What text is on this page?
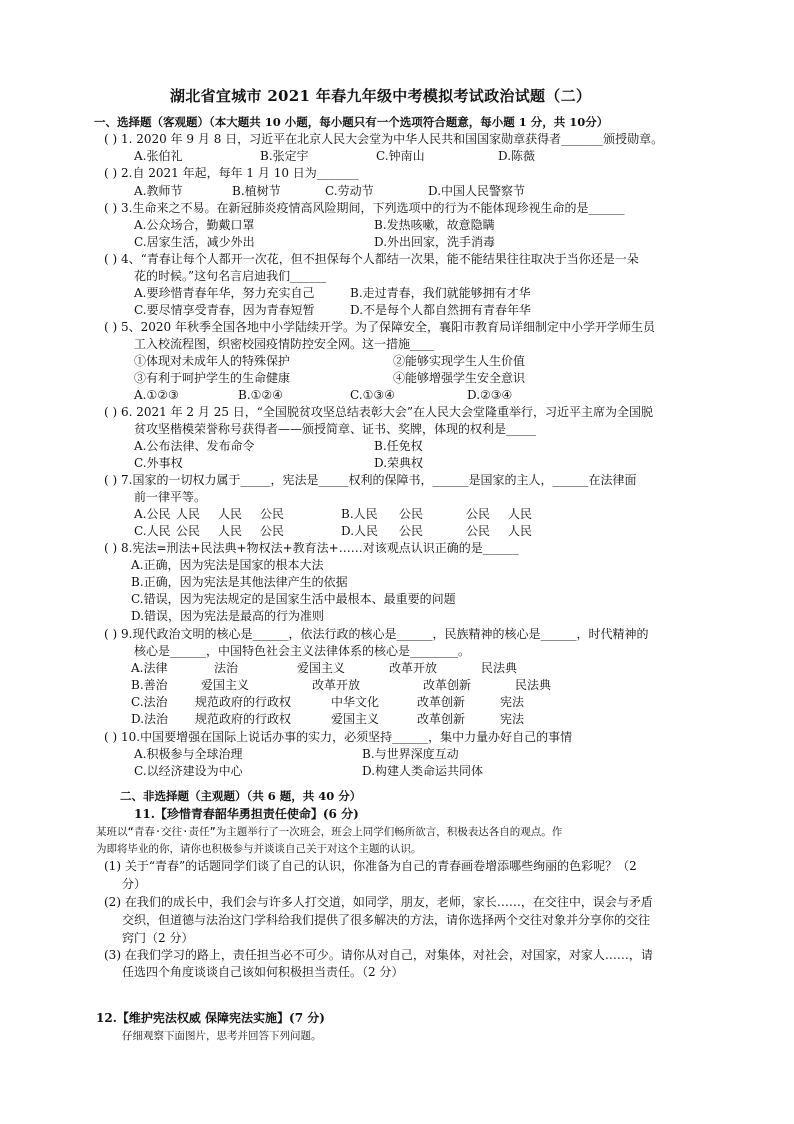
湖北省宜城市 2021 年春九年级中考模拟考试政治试题（二）
一、选择题（客观题）（本大题共 10 小题，每小题只有一个选项符合题意，每小题 1 分，共 10分）
( ) 1. 2020 年 9 月 8 日，习近平在北京人民大会堂为中华人民共和国国家勋章获得者_______颁授勋章。
A.张伯礼	B.张定宇	C.钟南山	D.陈薇
( ) 2.自 2021 年起，每年 1 月 10 日为_______
A.教师节	B.植树节	C.劳动节	D.中国人民警察节
( ) 3.生命来之不易。在新冠肺炎疫情高风险期间，下列选项中的行为不能体现珍视生命的是______
A.公众场合，勤戴口罩	B.发热咳嗽，故意隐瞒
C.居家生活，减少外出	D.外出回家，洗手消毒
( ) 4、“青春让每个人都开一次花，但不担保每个人都结一次果，能不能结果往往取决于当你还是一朵
花的时候。”这句名言启迪我们______
A.要珍惜青春年华，努力充实自己	B.走过青春，我们就能够拥有才华
C.要尽情享受青春，因为青春短暂	D.不是每个人都自然拥有青春年华
( ) 5、2020 年秋季全国各地中小学陆续开学。为了保障安全，襄阳市教育局详细制定中小学开学师生员
工入校流程图，织密校园疫情防控安全网。这一措施____
①体现对未成年人的特殊保护	②能够实现学生人生价值
③有利于呵护学生的生命健康	④能够增强学生安全意识
A.①②③	B.①②④	C.①③④	D.②③④
( ) 6. 2021 年 2 月 25 日，“全国脱贫攻坚总结表彰大会”在人民大会堂隆重举行，习近平主席为全国脱
贫攻坚楷模荣誉称号获得者——颁授简章、证书、奖牌，体现的权利是_____
A.公布法律、发布命令	B.任免权
C.外事权	D.荣典权
( ) 7.国家的一切权力属于_____，宪法是_____权利的保障书，______是国家的主人，______在法律面
前一律平等。
A.公民 人民 人民 公民	B.人民 公民	公民 人民
C.人民 公民 人民 公民	D.人民 公民	公民 人民
( ) 8.宪法=刑法+民法典+物权法+教育法+……对该观点认识正确的是______
A.正确，因为宪法是国家的根本大法
B.正确，因为宪法是其他法律产生的依据
C.错误，因为宪法规定的是国家生活中最根本、最重要的问题
D.错误，因为宪法是最高的行为准则
( ) 9.现代政治文明的核心是______，依法行政的核心是______，民族精神的核心是______，时代精神的
核心是______，中国特色社会主义法律体系的核心是________。
A.法律	法治	爱国主义	改革开放	民法典
B.善治	爱国主义	改革开放	改革创新	民法典
C.法治 规范政府的行政权	中华文化	改革创新	宪法
D.法治 规范政府的行政权	爱国主义	改革创新	宪法
( ) 10.中国要增强在国际上说话办事的实力，必须坚持______，集中力量办好自己的事情
A.积极参与全球治理	B.与世界深度互动
C.以经济建设为中心	D.构建人类命运共同体
二、非选择题（主观题）（共 6 题，共 40 分）
11.【珍惜青春韶华勇担责任使命】(6 分)
某班以“青春·交往·责任”为主题举行了一次班会，班会上同学们畅所欲言，积极表达各自的观点。作
为即将毕业的你，请你也积极参与并谈谈自己关于对这个主题的认识。
(1) 关于“青春”的话题同学们谈了自己的认识，你准备为自己的青春画卷增添哪些绚丽的色彩呢？（2
分）
(2) 在我们的成长中，我们会与许多人打交道，如同学，朋友，老师，家长……，在交往中，误会与矛盾
交织，但道德与法治这门学科给我们提供了很多解决的方法，请你选择两个交往对象并分享你的交往
窍门（2 分）
(3) 在我们学习的路上，责任担当必不可少。请你从对自己，对集体，对社会，对国家，对家人……，请
任选四个角度谈谈自己该如何积极担当责任。（2 分）
12.【维护宪法权威 保障宪法实施】(7 分)
仔细观察下面图片，思考并回答下列问题。
